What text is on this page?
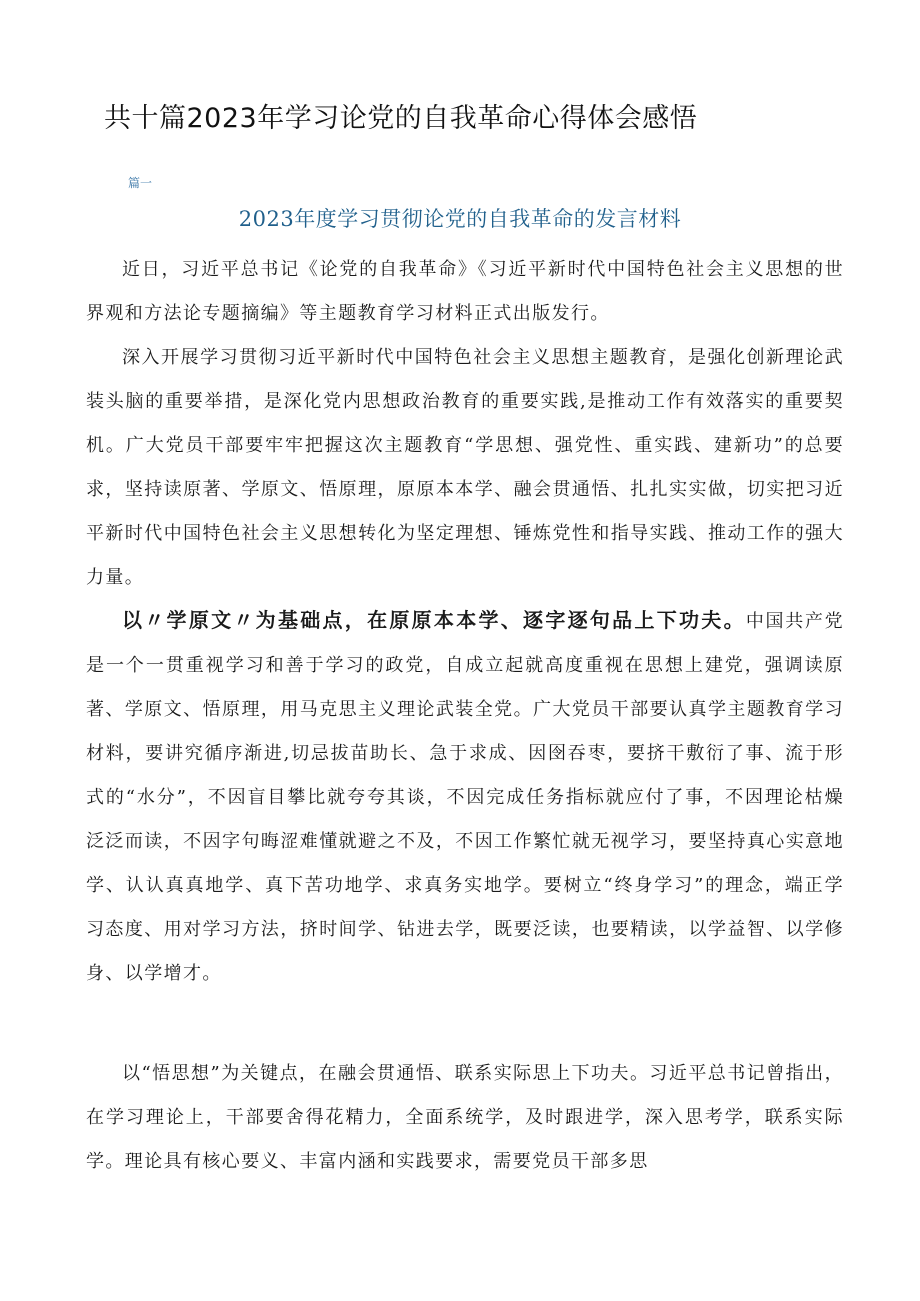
共十篇2023年学习论党的自我革命心得体会感悟
篇一
2023年度学习贯彻论党的自我革命的发言材料

近日，习近平总书记《论党的自我革命》《习近平新时代中国特色社会主义思想的世界观和方法论专题摘编》等主题教育学习材料正式出版发行。

深入开展学习贯彻习近平新时代中国特色社会主义思想主题教育，是强化创新理论武装头脑的重要举措，是深化党内思想政治教育的重要实践,是推动工作有效落实的重要契机。广大党员干部要牢牢把握这次主题教育“学思想、强党性、重实践、建新功”的总要求，坚持读原著、学原文、悟原理，原原本本学、融会贯通悟、扎扎实实做，切实把习近平新时代中国特色社会主义思想转化为坚定理想、锤炼党性和指导实践、推动工作的强大力量。

以〃学原文〃为基础点，在原原本本学、逐字逐句品上下功夫。中国共产党是一个一贯重视学习和善于学习的政党，自成立起就高度重视在思想上建党，强调读原著、学原文、悟原理，用马克思主义理论武装全党。广大党员干部要认真学主题教育学习材料，要讲究循序渐进,切忌拔苗助长、急于求成、因囹吞枣，要挤干敷衍了事、流于形式的“水分”，不因盲目攀比就夸夸其谈，不因完成任务指标就应付了事，不因理论枯燥泛泛而读，不因字句晦涩难懂就避之不及，不因工作繁忙就无视学习，要坚持真心实意地学、认认真真地学、真下苦功地学、求真务实地学。要树立“终身学习”的理念，端正学习态度、用对学习方法，挤时间学、钻进去学，既要泛读，也要精读，以学益智、以学修身、以学增才。

以“悟思想”为关键点，在融会贯通悟、联系实际思上下功夫。习近平总书记曾指出，在学习理论上，干部要舍得花精力，全面系统学，及时跟进学，深入思考学，联系实际学。理论具有核心要义、丰富内涵和实践要求，需要党员干部多思
